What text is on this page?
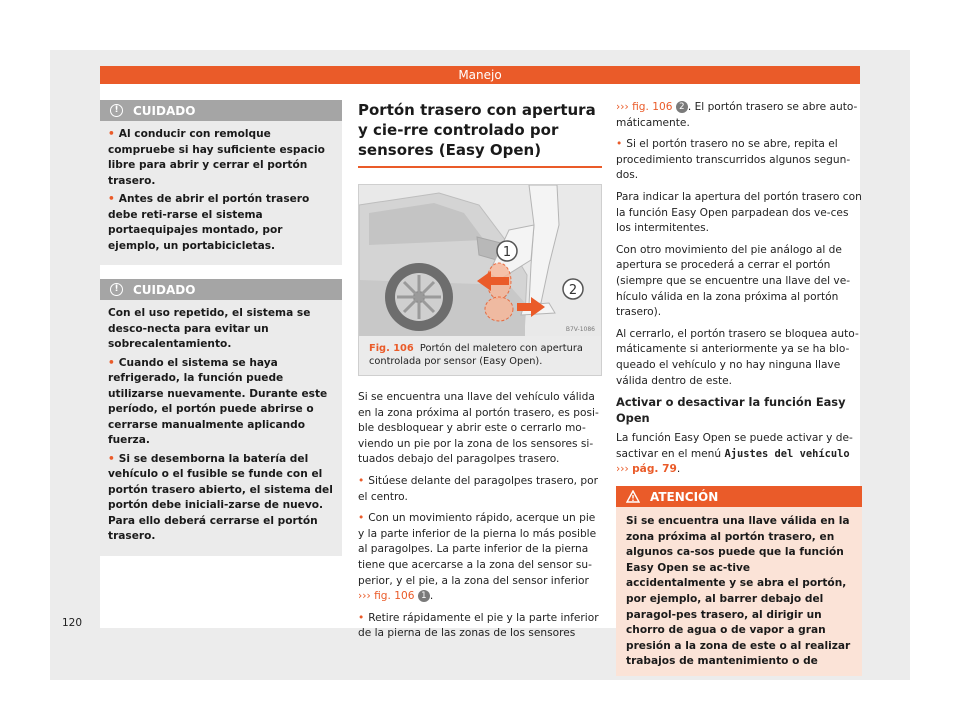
Manejo
!	CUIDADO

• Al conducir con remolque compruebe si hay suficiente espacio libre para abrir y cerrar el portón trasero.

• Antes de abrir el portón trasero debe reti-rarse el sistema portaequipajes montado, por ejemplo, un portabicicletas.

!	CUIDADO

Con el uso repetido, el sistema se desco-necta para evitar un sobrecalentamiento.

• Cuando el sistema se haya refrigerado, la función puede utilizarse nuevamente. Durante este período, el portón puede abrirse o cerrarse manualmente aplicando fuerza.

• Si se desemborna la batería del vehículo o el fusible se funde con el portón trasero abierto, el sistema del portón debe iniciali-zarse de nuevo. Para ello deberá cerrarse el portón trasero.

Portón trasero con apertura y cie-rre controlado por sensores (Easy Open)
1
2
B7V-1086
Fig. 106 Portón del maletero con apertura controlada por sensor (Easy Open).

Si se encuentra una llave del vehículo válida en la zona próxima al portón trasero, es posi-ble desbloquear y abrir este o cerrarlo mo-viendo un pie por la zona de los sensores si-tuados debajo del paragolpes trasero.

• Sitúese delante del paragolpes trasero, por el centro.

• Con un movimiento rápido, acerque un pie y la parte inferior de la pierna lo más posible al paragolpes. La parte inferior de la pierna tiene que acercarse a la zona del sensor su-perior, y el pie, a la zona del sensor inferior ››› fig. 106 1 .

• Retire rápidamente el pie y la parte inferior de la pierna de las zonas de los sensores

››› fig. 106 2 . El portón trasero se abre auto-máticamente.

• Si el portón trasero no se abre, repita el procedimiento transcurridos algunos segun-dos.

Para indicar la apertura del portón trasero con la función Easy Open parpadean dos ve-ces los intermitentes.

Con otro movimiento del pie análogo al de apertura se procederá a cerrar el portón (siempre que se encuentre una llave del ve-hículo válida en la zona próxima al portón trasero).

Al cerrarlo, el portón trasero se bloquea auto-máticamente si anteriormente ya se ha blo-queado el vehículo y no hay ninguna llave válida dentro de este.

Activar o desactivar la función Easy Open

La función Easy Open se puede activar y de-sactivar en el menú Ajustes del vehículo ››› pág. 79.

ATENCIÓN
Si se encuentra una llave válida en la zona próxima al portón trasero, en algunos ca-sos puede que la función Easy Open se ac-tive accidentalmente y se abra el portón, por ejemplo, al barrer debajo del paragol-pes trasero, al dirigir un chorro de agua o de vapor a gran presión a la zona de este o al realizar trabajos de mantenimiento o de
120
